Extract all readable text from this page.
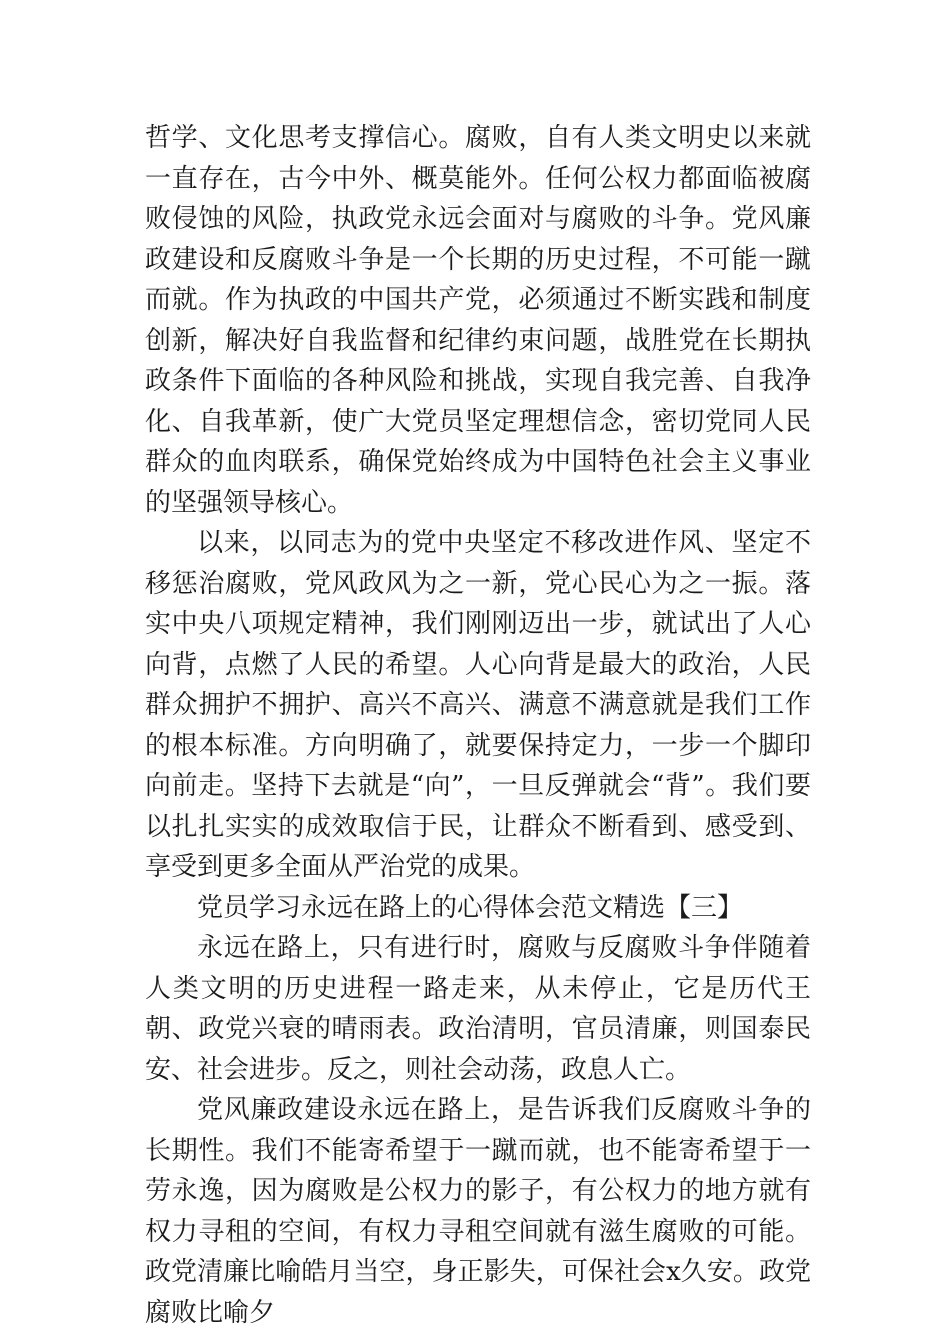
哲学、文化思考支撑信心。腐败，自有人类文明史以来就一直存在，古今中外、概莫能外。任何公权力都面临被腐败侵蚀的风险，执政党永远会面对与腐败的斗争。党风廉政建设和反腐败斗争是一个长期的历史过程，不可能一蹴而就。作为执政的中国共产党，必须通过不断实践和制度创新，解决好自我监督和纪律约束问题，战胜党在长期执政条件下面临的各种风险和挑战，实现自我完善、自我净化、自我革新，使广大党员坚定理想信念，密切党同人民群众的血肉联系，确保党始终成为中国特色社会主义事业的坚强领导核心。

以来，以同志为的党中央坚定不移改进作风、坚定不移惩治腐败，党风政风为之一新，党心民心为之一振。落实中央八项规定精神，我们刚刚迈出一步，就试出了人心向背，点燃了人民的希望。人心向背是最大的政治，人民群众拥护不拥护、高兴不高兴、满意不满意就是我们工作的根本标准。方向明确了，就要保持定力，一步一个脚印向前走。坚持下去就是“向”，一旦反弹就会“背”。我们要以扎扎实实的成效取信于民，让群众不断看到、感受到、享受到更多全面从严治党的成果。

党员学习永远在路上的心得体会范文精选【三】

永远在路上，只有进行时，腐败与反腐败斗争伴随着人类文明的历史进程一路走来，从未停止，它是历代王朝、政党兴衰的晴雨表。政治清明，官员清廉，则国泰民安、社会进步。反之，则社会动荡，政息人亡。

党风廉政建设永远在路上，是告诉我们反腐败斗争的长期性。我们不能寄希望于一蹴而就，也不能寄希望于一劳永逸，因为腐败是公权力的影子，有公权力的地方就有权力寻租的空间，有权力寻租空间就有滋生腐败的可能。政党清廉比喻皓月当空，身正影失，可保社会x久安。政党腐败比喻夕
